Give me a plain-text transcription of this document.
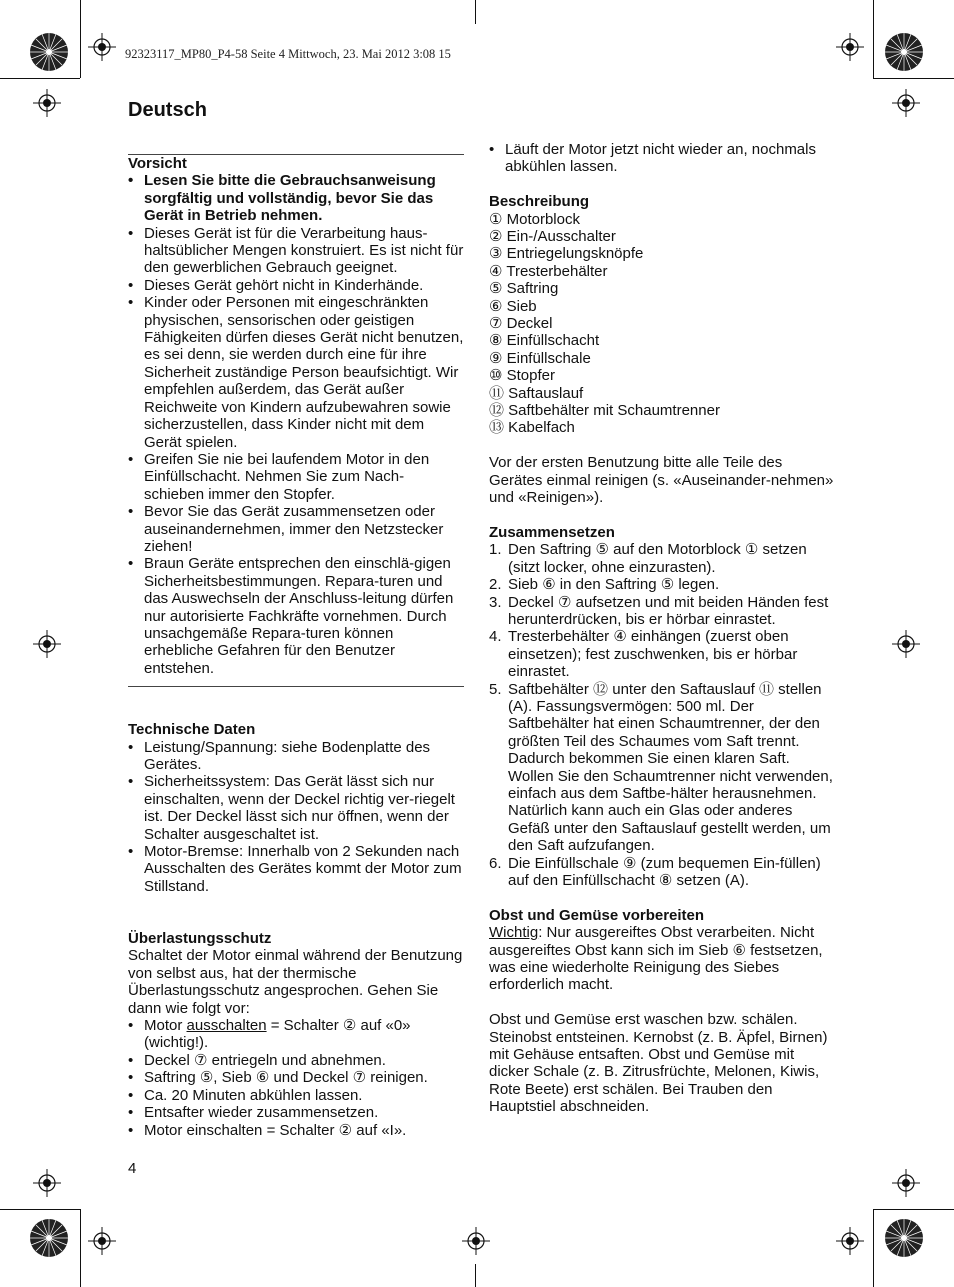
92323117_MP80_P4-58 Seite 4 Mittwoch, 23. Mai 2012 3:08 15
Deutsch

Vorsicht

• Lesen Sie bitte die Gebrauchsanweisung sorgfältig und vollständig, bevor Sie das Gerät in Betrieb nehmen.
• Dieses Gerät ist für die Verarbeitung haus-haltsüblicher Mengen konstruiert. Es ist nicht für den gewerblichen Gebrauch geeignet.
• Dieses Gerät gehört nicht in Kinderhände.
• Kinder oder Personen mit eingeschränkten physischen, sensorischen oder geistigen Fähigkeiten dürfen dieses Gerät nicht benutzen, es sei denn, sie werden durch eine für ihre Sicherheit zuständige Person beaufsichtigt. Wir empfehlen außerdem, das Gerät außer Reichweite von Kindern aufzubewahren sowie sicherzustellen, dass Kinder nicht mit dem Gerät spielen.
• Greifen Sie nie bei laufendem Motor in den Einfüllschacht. Nehmen Sie zum Nach-schieben immer den Stopfer.
• Bevor Sie das Gerät zusammensetzen oder auseinandernehmen, immer den Netzstecker ziehen!
• Braun Geräte entsprechen den einschlä-gigen Sicherheitsbestimmungen. Repara-turen und das Auswechseln der Anschluss-leitung dürfen nur autorisierte Fachkräfte vornehmen. Durch unsachgemäße Repara-turen können erhebliche Gefahren für den Benutzer entstehen.

Technische Daten

• Leistung/Spannung: siehe Bodenplatte des Gerätes.
• Sicherheitssystem: Das Gerät lässt sich nur einschalten, wenn der Deckel richtig ver-riegelt ist. Der Deckel lässt sich nur öffnen, wenn der Schalter ausgeschaltet ist.
• Motor-Bremse: Innerhalb von 2 Sekunden nach Ausschalten des Gerätes kommt der Motor zum Stillstand.

Überlastungsschutz

Schaltet der Motor einmal während der Benutzung von selbst aus, hat der thermische Überlastungsschutz angesprochen. Gehen Sie dann wie folgt vor:

• Motor ausschalten = Schalter ② auf «0» (wichtig!).
• Deckel ⑦ entriegeln und abnehmen.
• Saftring ⑤, Sieb ⑥ und Deckel ⑦ reinigen.
• Ca. 20 Minuten abkühlen lassen.
• Entsafter wieder zusammensetzen.
• Motor einschalten = Schalter ② auf «I».
• Läuft der Motor jetzt nicht wieder an, nochmals abkühlen lassen.

Beschreibung

① Motorblock

② Ein-/Ausschalter

③ Entriegelungsknöpfe

④ Tresterbehälter

⑤ Saftring

⑥ Sieb

⑦ Deckel

⑧ Einfüllschacht

⑨ Einfüllschale

⑩ Stopfer

⑪ Saftauslauf

⑫ Saftbehälter mit Schaumtrenner

⑬ Kabelfach

Vor der ersten Benutzung bitte alle Teile des Gerätes einmal reinigen (s. «Auseinander-nehmen» und «Reinigen»).

Zusammensetzen

1. Den Saftring ⑤ auf den Motorblock ① setzen (sitzt locker, ohne einzurasten).
2. Sieb ⑥ in den Saftring ⑤ legen.
3. Deckel ⑦ aufsetzen und mit beiden Händen fest herunterdrücken, bis er hörbar einrastet.
4. Tresterbehälter ④ einhängen (zuerst oben einsetzen); fest zuschwenken, bis er hörbar einrastet.
5. Saftbehälter ⑫ unter den Saftauslauf ⑪ stellen (A). Fassungsvermögen: 500 ml. Der Saftbehälter hat einen Schaumtrenner, der den größten Teil des Schaumes vom Saft trennt. Dadurch bekommen Sie einen klaren Saft. Wollen Sie den Schaumtrenner nicht verwenden, einfach aus dem Saftbe-hälter herausnehmen. Natürlich kann auch ein Glas oder anderes Gefäß unter den Saftauslauf gestellt werden, um den Saft aufzufangen.
6. Die Einfüllschale ⑨ (zum bequemen Ein-füllen) auf den Einfüllschacht ⑧ setzen (A).

Obst und Gemüse vorbereiten

Wichtig: Nur ausgereiftes Obst verarbeiten. Nicht ausgereiftes Obst kann sich im Sieb ⑥ festsetzen, was eine wiederholte Reinigung des Siebes erforderlich macht.

Obst und Gemüse erst waschen bzw. schälen. Steinobst entsteinen. Kernobst (z. B. Äpfel, Birnen) mit Gehäuse entsaften. Obst und Gemüse mit dicker Schale (z. B. Zitrusfrüchte, Melonen, Kiwis, Rote Beete) erst schälen. Bei Trauben den Hauptstiel abschneiden.

4
